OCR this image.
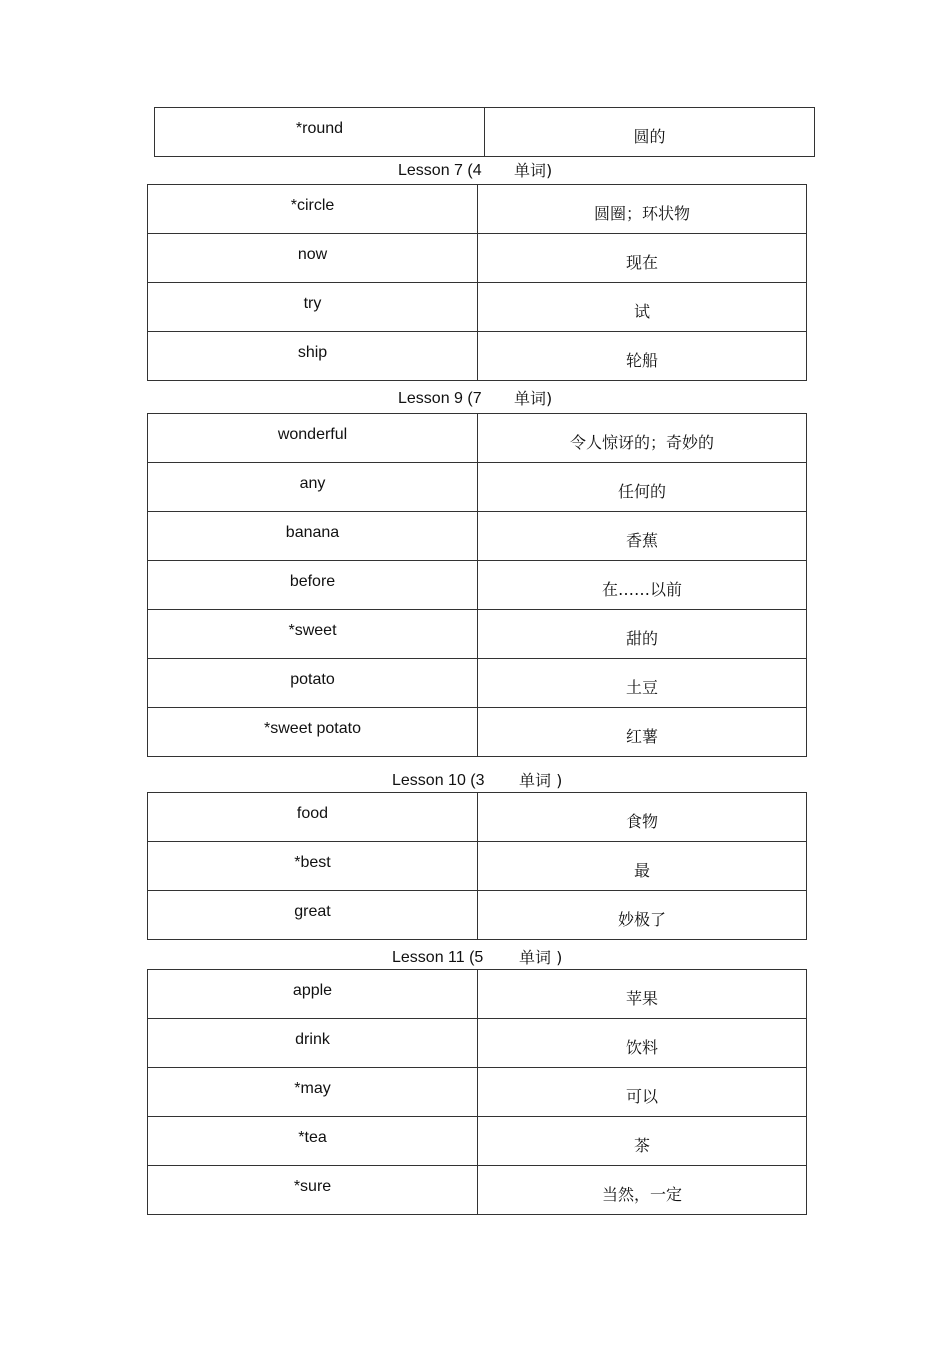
*round	圆的
Lesson 7 (4 单词)
*circle	圆圈；环状物
now	现在
try	试
ship	轮船
Lesson 9 (7 单词)
wonderful	令人惊讶的；奇妙的
any	任何的
banana	香蕉
before	在……以前
*sweet	甜的
potato	土豆
*sweet potato	红薯
Lesson 10 (3 单词 )
food	食物
*best	最
great	妙极了
Lesson 11 (5 单词 )
apple	苹果
drink	饮料
*may	可以
*tea	茶
*sure	当然，一定
